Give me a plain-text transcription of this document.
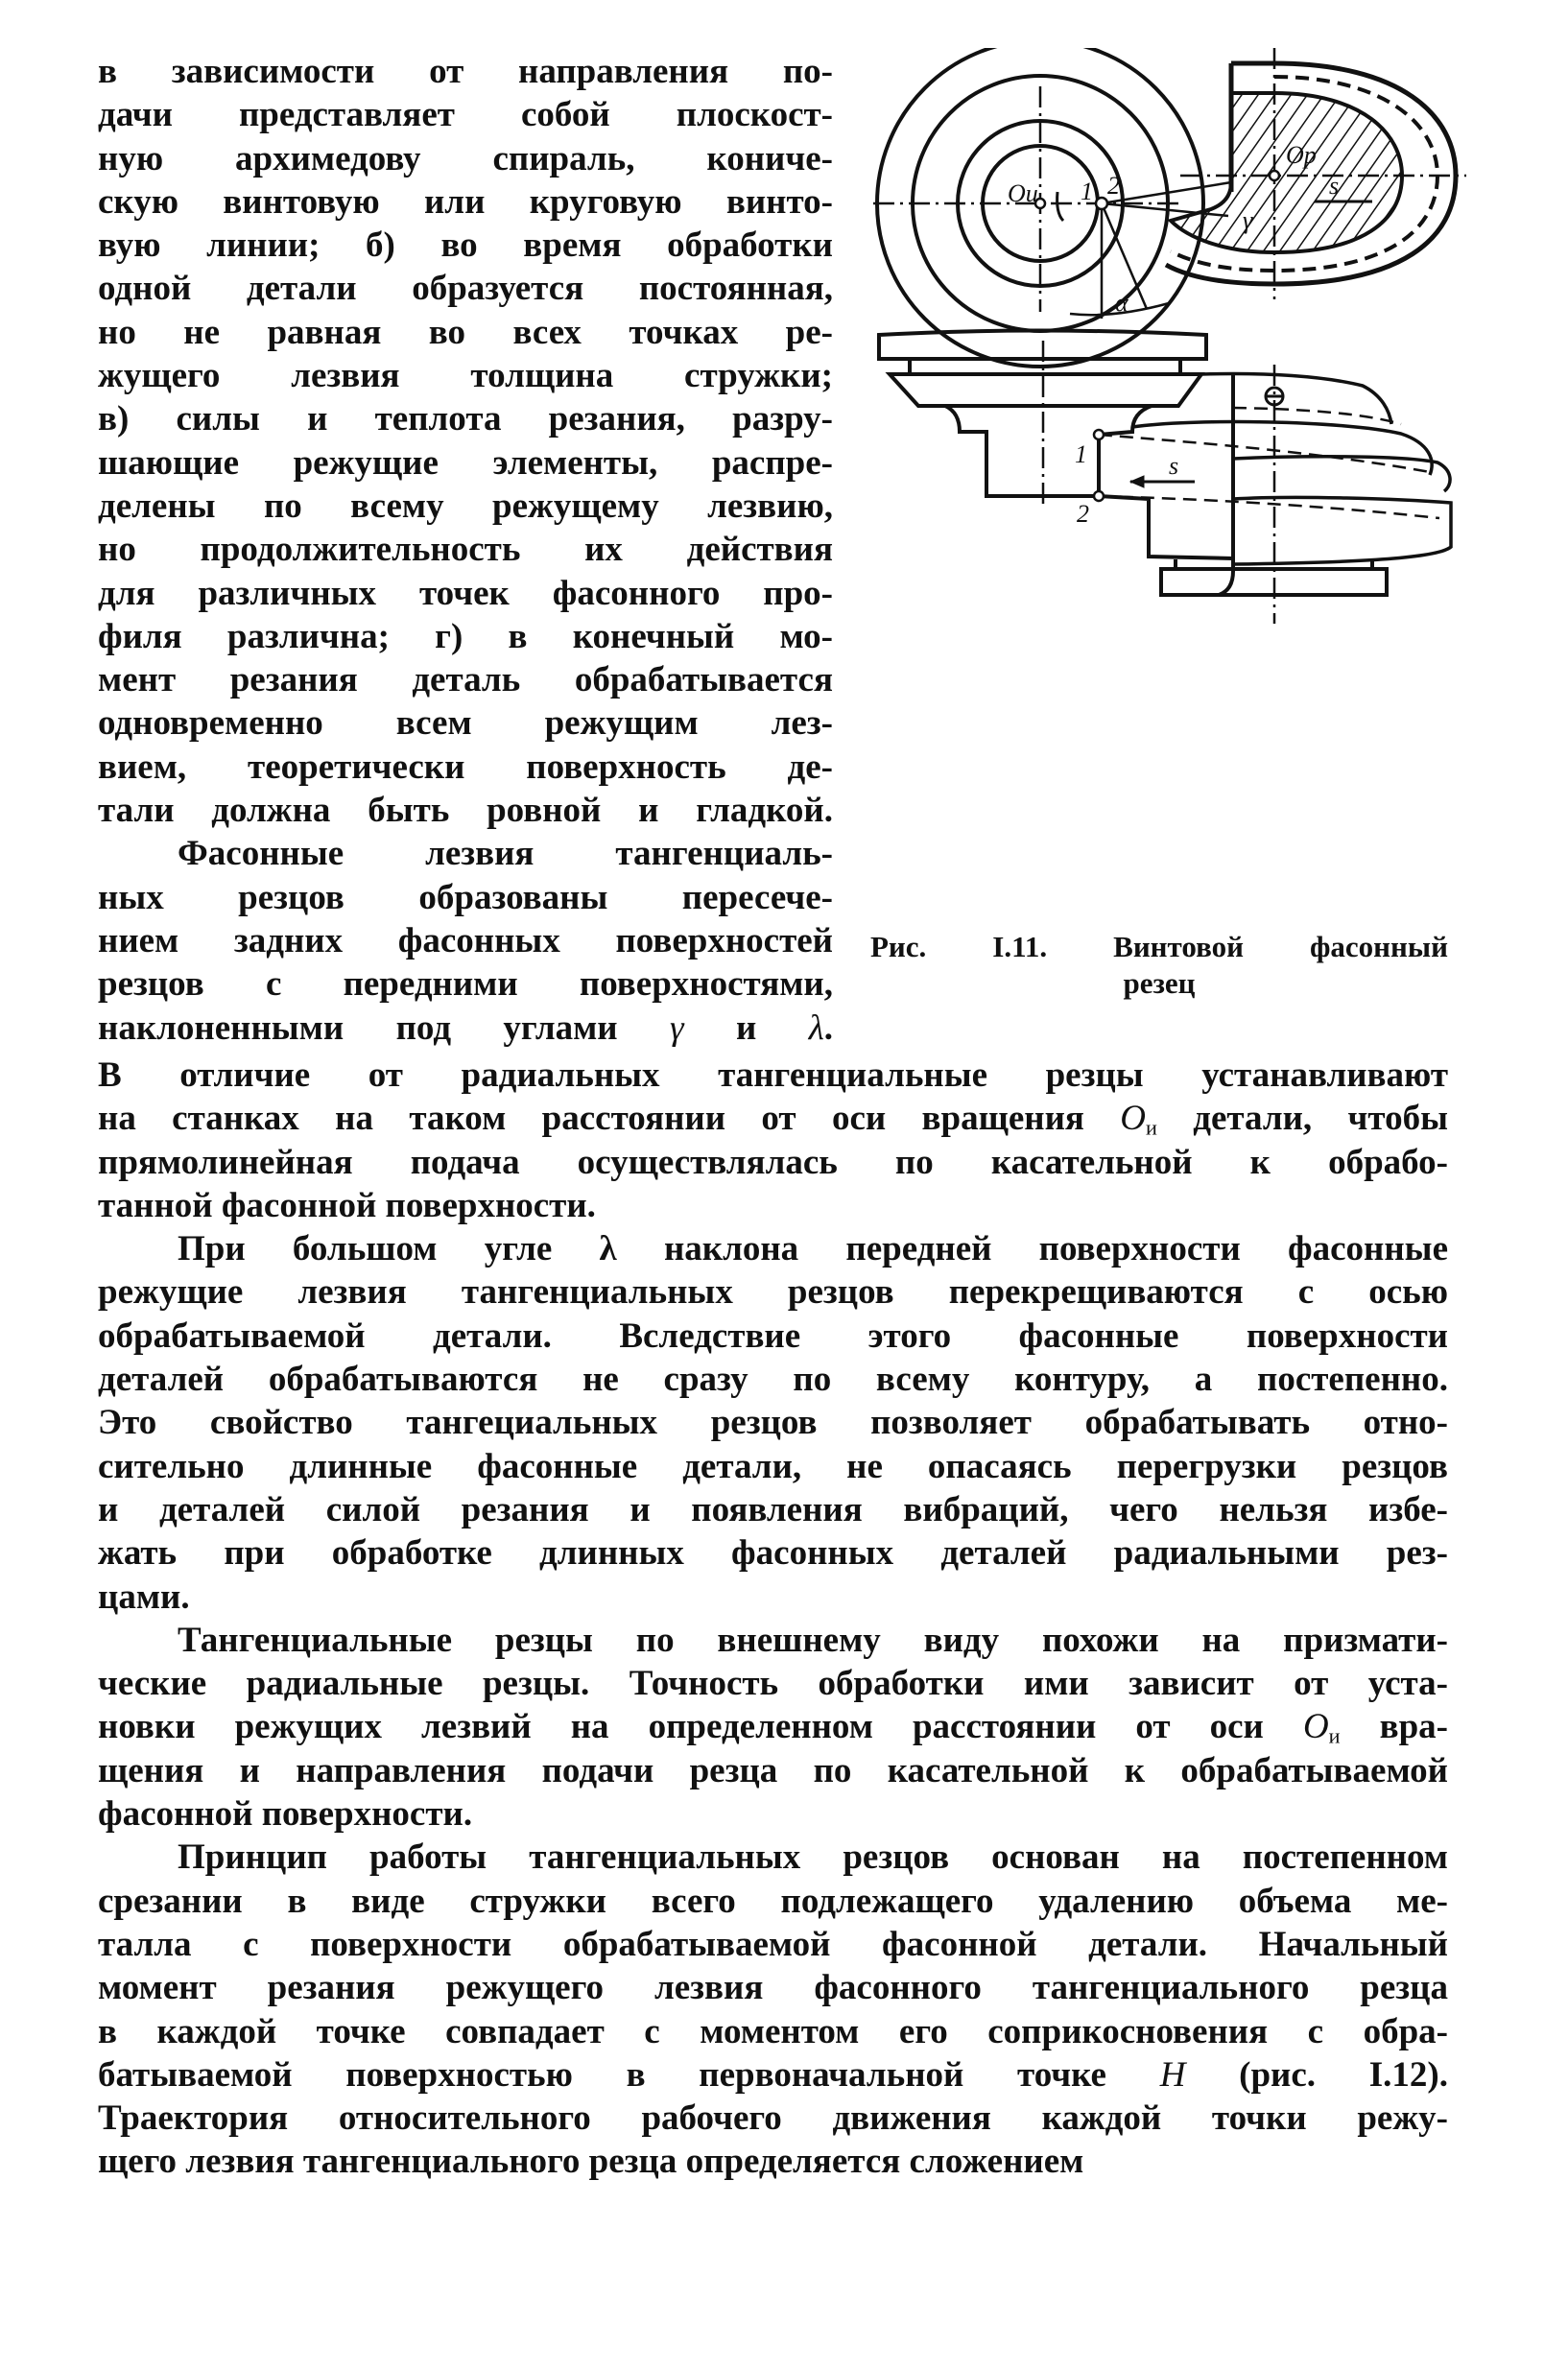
в зависимости от направления по-
дачи представляет собой плоскост-
ную архимедову спираль, кониче-
скую винтовую или круговую винто-
вую линии; б) во время обработки
одной детали образуется постоянная,
но не равная во всех точках ре-
жущего лезвия толщина стружки;
в) силы и теплота резания, разру-
шающие режущие элементы, распре-
делены по всему режущему лезвию,
но продолжительность их действия
для различных точек фасонного про-
филя различна; г) в конечный мо-
мент резания деталь обрабатывается
одновременно всем режущим лез-
вием, теоретически поверхность де-
тали должна быть ровной и гладкой.
Фасонные лезвия тангенциаль-
ных резцов образованы пересече-
нием задних фасонных поверхностей
резцов с передними поверхностями,
наклоненными под углами γ и λ.
В отличие от радиальных тангенциальные резцы устанавливают
на станках на таком расстоянии от оси вращения $O_и$ детали, чтобы
прямолинейная подача осуществлялась по касательной к обрабо-
танной фасонной поверхности.
При большом угле λ наклона передней поверхности фасонные
режущие лезвия тангенциальных резцов перекрещиваются с осью
обрабатываемой детали. Вследствие этого фасонные поверхности
деталей обрабатываются не сразу по всему контуру, а постепенно.
Это свойство тангециальных резцов позволяет обрабатывать отно-
сительно длинные фасонные детали, не опасаясь перегрузки резцов
и деталей силой резания и появления вибраций, чего нельзя избе-
жать при обработке длинных фасонных деталей радиальными рез-
цами.
Тангенциальные резцы по внешнему виду похожи на призмати-
ческие радиальные резцы. Точность обработки ими зависит от уста-
новки режущих лезвий на определенном расстоянии от оси $O_и$ вра-
щения и направления подачи резца по касательной к обрабатываемой
фасонной поверхности.
Принцип работы тангенциальных резцов основан на постепенном
срезании в виде стружки всего подлежащего удалению объема ме-
талла с поверхности обрабатываемой фасонной детали. Начальный
момент резания режущего лезвия фасонного тангенциального резца
в каждой точке совпадает с моментом его соприкосновения с обра-
батываемой поверхностью в первоначальной точке H (рис. I.12).
Траектория относительного рабочего движения каждой точки режу-
щего лезвия тангенциального резца определяется сложением
Oи 1 2
γ
s
Oр
α
1
2
s
Рис. I.11. Винтовой фасонный
резец
